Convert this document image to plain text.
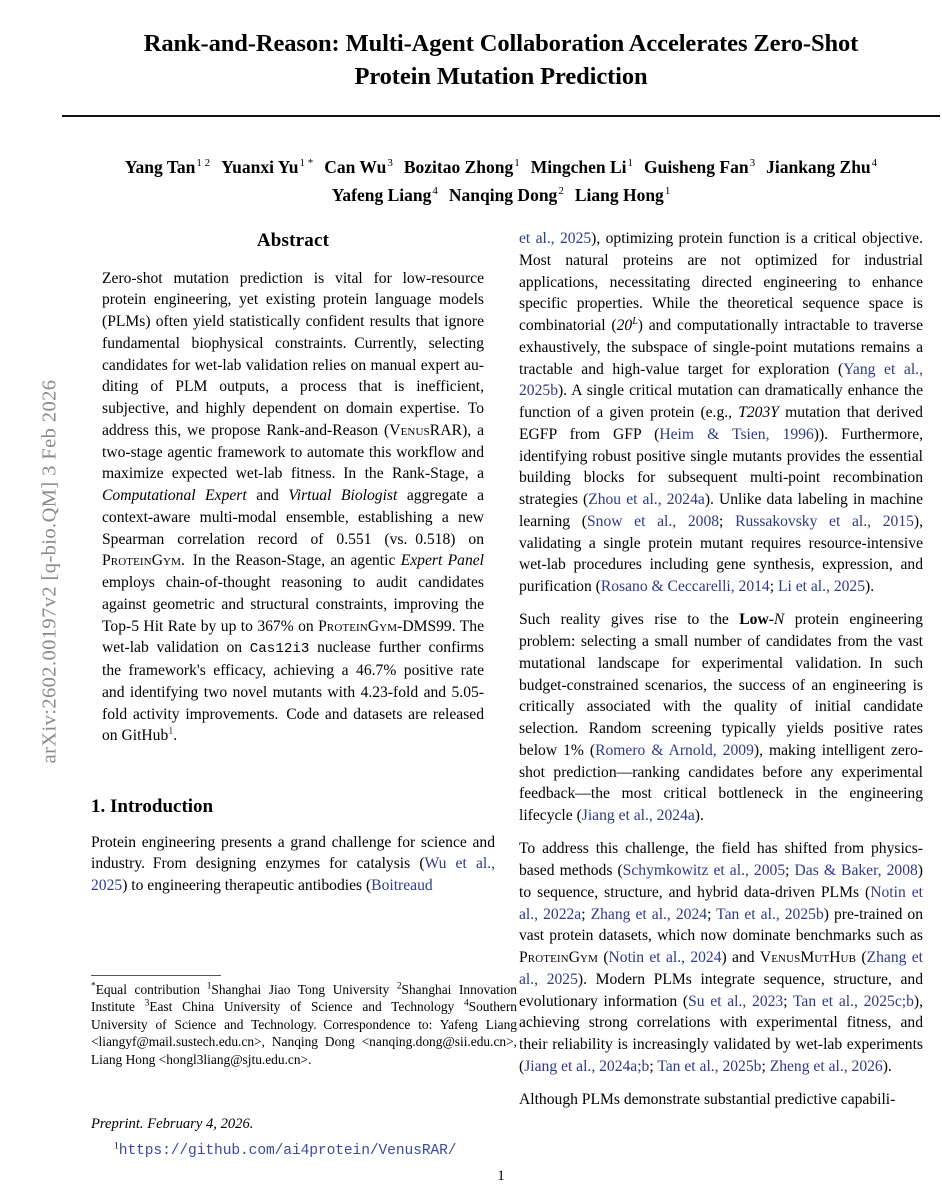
arXiv:2602.00197v2 [q-bio.QM] 3 Feb 2026
Rank-and-Reason: Multi-Agent Collaboration Accelerates Zero-Shot
Protein Mutation Prediction
Yang Tan$^{1 2}$ Yuanxi $Yu^{1 *}$ Can Wu$^3$ Bozitao Zhong$^1$ Mingchen Li$^1$ Guisheng Fan$^3$ Jiankang Zhu$^4$
Yafeng Liang$^4$ Nanqing Dong$^2$ Liang Hong$^1$
Abstract

Zero-shot mutation prediction is vital for low-resource protein engineering, yet existing protein language models (PLMs) often yield statistically confident results that ignore fundamental biophysical constraints. Currently, selecting candidates for wet-lab validation relies on manual expert auditing of PLM outputs, a process that is inefficient, subjective, and highly dependent on domain expertise. To address this, we propose Rank-and-Reason (VenusRAR), a two-stage agentic framework to automate this workflow and maximize expected wet-lab fitness. In the Rank-Stage, a Computational Expert and Virtual Biologist aggregate a context-aware multi-modal ensemble, establishing a new Spearman correlation record of 0.551 (vs. 0.518) on ProteinGym. In the Reason-Stage, an agentic Expert Panel employs chain-of-thought reasoning to audit candidates against geometric and structural constraints, improving the Top-5 Hit Rate by up to 367% on ProteinGym-DMS99. The wet-lab validation on Cas12i3 nuclease further confirms the framework's efficacy, achieving a 46.7% positive rate and identifying two novel mutants with 4.23-fold and 5.05-fold activity improvements. Code and datasets are released on GitHub$^1$.

1. Introduction

Protein engineering presents a grand challenge for science and industry. From designing enzymes for catalysis (Wu et al., 2025) to engineering therapeutic antibodies (Boitreaud

et al., 2025), optimizing protein function is a critical objective. Most natural proteins are not optimized for industrial applications, necessitating directed engineering to enhance specific properties. While the theoretical sequence space is combinatorial (20$^L$) and computationally intractable to traverse exhaustively, the subspace of single-point mutations remains a tractable and high-value target for exploration (Yang et al., 2025b). A single critical mutation can dramatically enhance the function of a given protein (e.g., T203Y mutation that derived EGFP from GFP (Heim & Tsien, 1996)). Furthermore, identifying robust positive single mutants provides the essential building blocks for subsequent multi-point recombination strategies (Zhou et al., 2024a). Unlike data labeling in machine learning (Snow et al., 2008; Russakovsky et al., 2015), validating a single protein mutant requires resource-intensive wet-lab procedures including gene synthesis, expression, and purification (Rosano & Ceccarelli, 2014; Li et al., 2025).

Such reality gives rise to the Low-N protein engineering problem: selecting a small number of candidates from the vast mutational landscape for experimental validation. In such budget-constrained scenarios, the success of an engineering is critically associated with the quality of initial candidate selection. Random screening typically yields positive rates below 1% (Romero & Arnold, 2009), making intelligent zero-shot prediction—ranking candidates before any experimental feedback—the most critical bottleneck in the engineering lifecycle (Jiang et al., 2024a).

To address this challenge, the field has shifted from physics-based methods (Schymkowitz et al., 2005; Das & Baker, 2008) to sequence, structure, and hybrid data-driven PLMs (Notin et al., 2022a; Zhang et al., 2024; Tan et al., 2025b) pre-trained on vast protein datasets, which now dominate benchmarks such as ProteinGym (Notin et al., 2024) and VenusMutHub (Zhang et al., 2025). Modern PLMs integrate sequence, structure, and evolutionary information (Su et al., 2023; Tan et al., 2025c;b), achieving strong correlations with experimental fitness, and their reliability is increasingly validated by wet-lab experiments (Jiang et al., 2024a;b; Tan et al., 2025b; Zheng et al., 2026).

Although PLMs demonstrate substantial predictive capabili-

*Equal contribution $^1$Shanghai Jiao Tong University $^2$Shanghai Innovation Institute $^3$East China University of Science and Technology $^4$Southern University of Science and Technology. Correspondence to: Yafeng Liang <liangyf@mail.sustech.edu.cn>, Nanqing Dong <nanqing.dong@sii.edu.cn>, Liang Hong <hongl3liang@sjtu.edu.cn>.

Preprint. February 4, 2026.
$^1$https://github.com/ai4protein/VenusRAR/
1
